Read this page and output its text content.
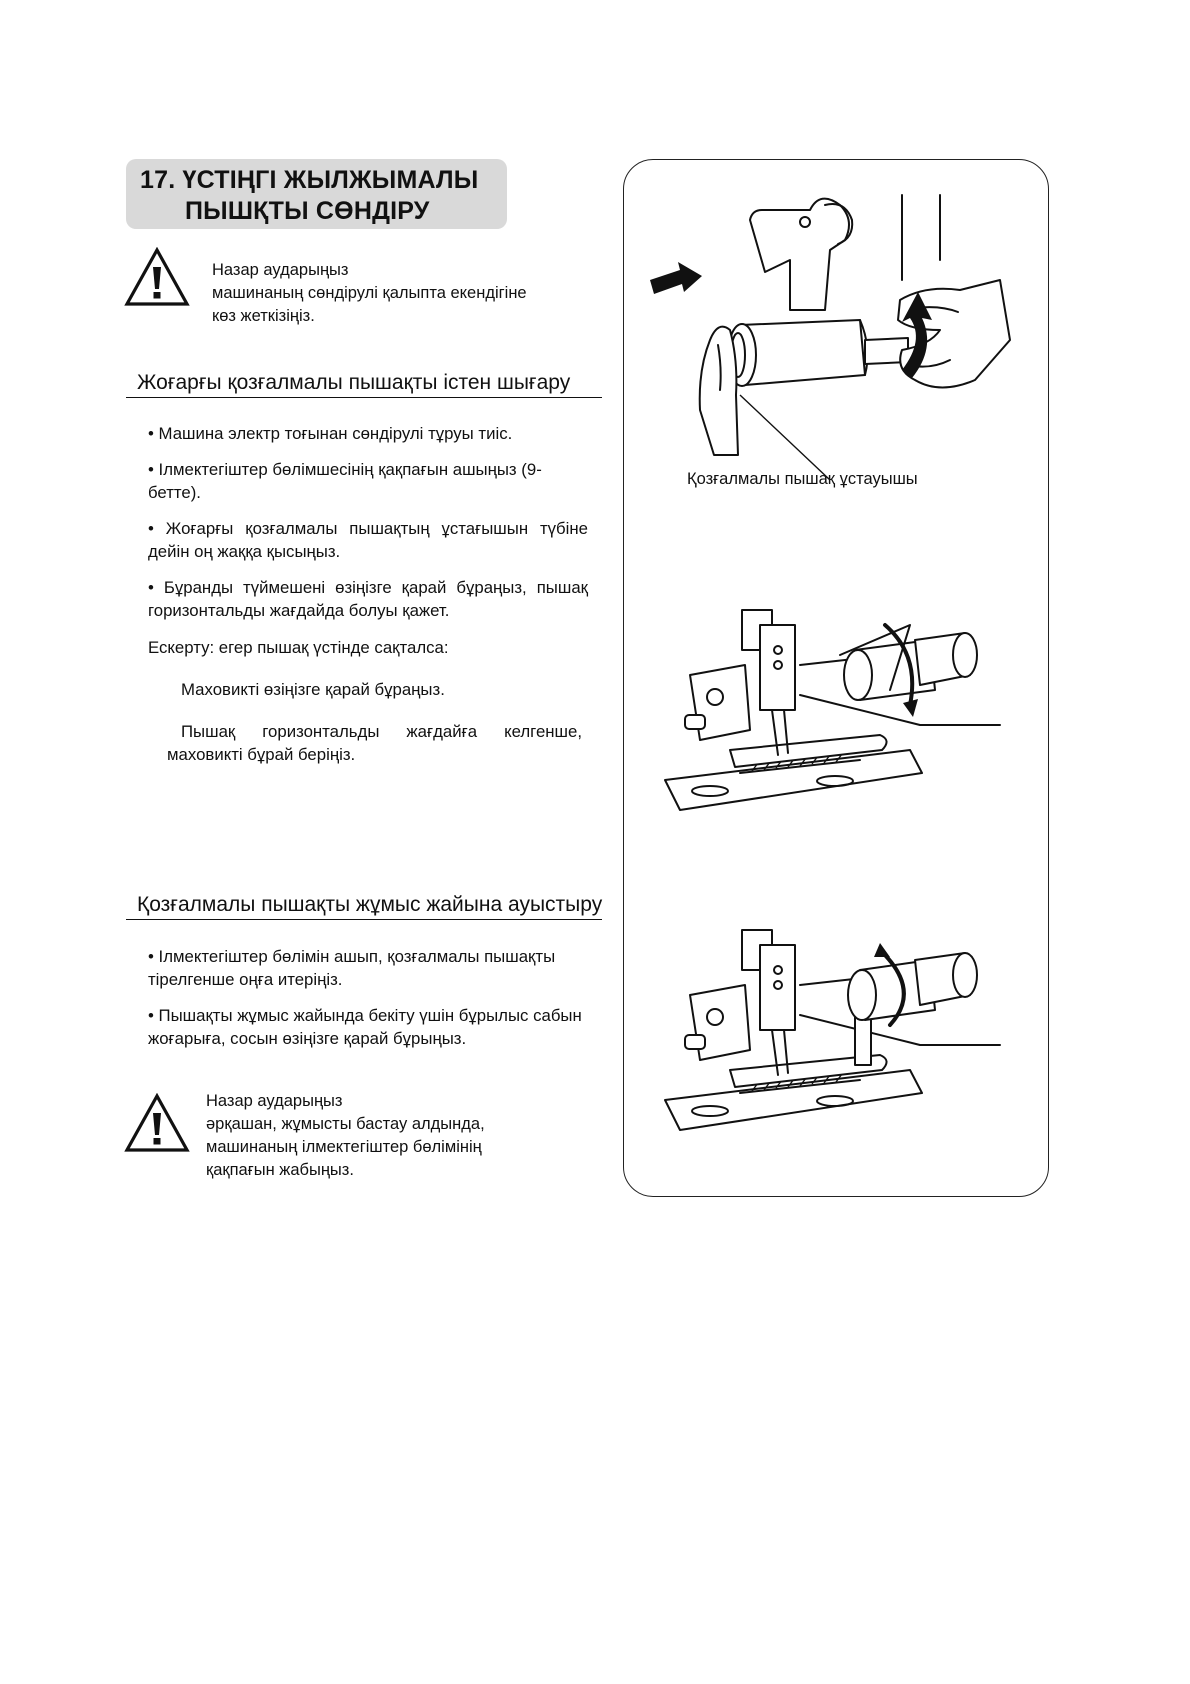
17. ҮСТІҢГІ ЖЫЛЖЫМАЛЫ
ПЫШҚТЫ СӨНДІРУ
Назар аударыңыз
машинаның сөндірулі қалыпта екендігіне
көз жеткізіңіз.
Жоғарғы қозғалмалы пышақты істен шығару
• Машина электр тоғынан сөндірулі тұруы тиіс.
• Ілмектегіштер бөлімшесінің қақпағын ашыңыз (9-бетте).
• Жоғарғы қозғалмалы пышақтың ұстағышын түбіне дейін оң жаққа қысыңыз.
• Бұранды түймешені өзіңізге қарай бұраңыз, пышақ горизонтальды жағдайда болуы қажет.
Ескерту: егер пышақ үстінде сақталса:
Маховикті өзіңізге қарай бұраңыз.
Пышақ горизонтальды жағдайға келгенше, маховикті бұрай беріңіз.
Қозғалмалы пышақты жұмыс жайына ауыстыру
• Ілмектегіштер бөлімін ашып, қозғалмалы пышақты тірелгенше оңға итеріңіз.
• Пышақты жұмыс жайында бекіту үшін бұрылыс сабын жоғарыға, сосын өзіңізге қарай бұрыңыз.
Назар аударыңыз
әрқашан, жұмысты бастау алдында,
машинаның ілмектегіштер бөлімінің
қақпағын жабыңыз.
Қозғалмалы пышақ ұстауышы
